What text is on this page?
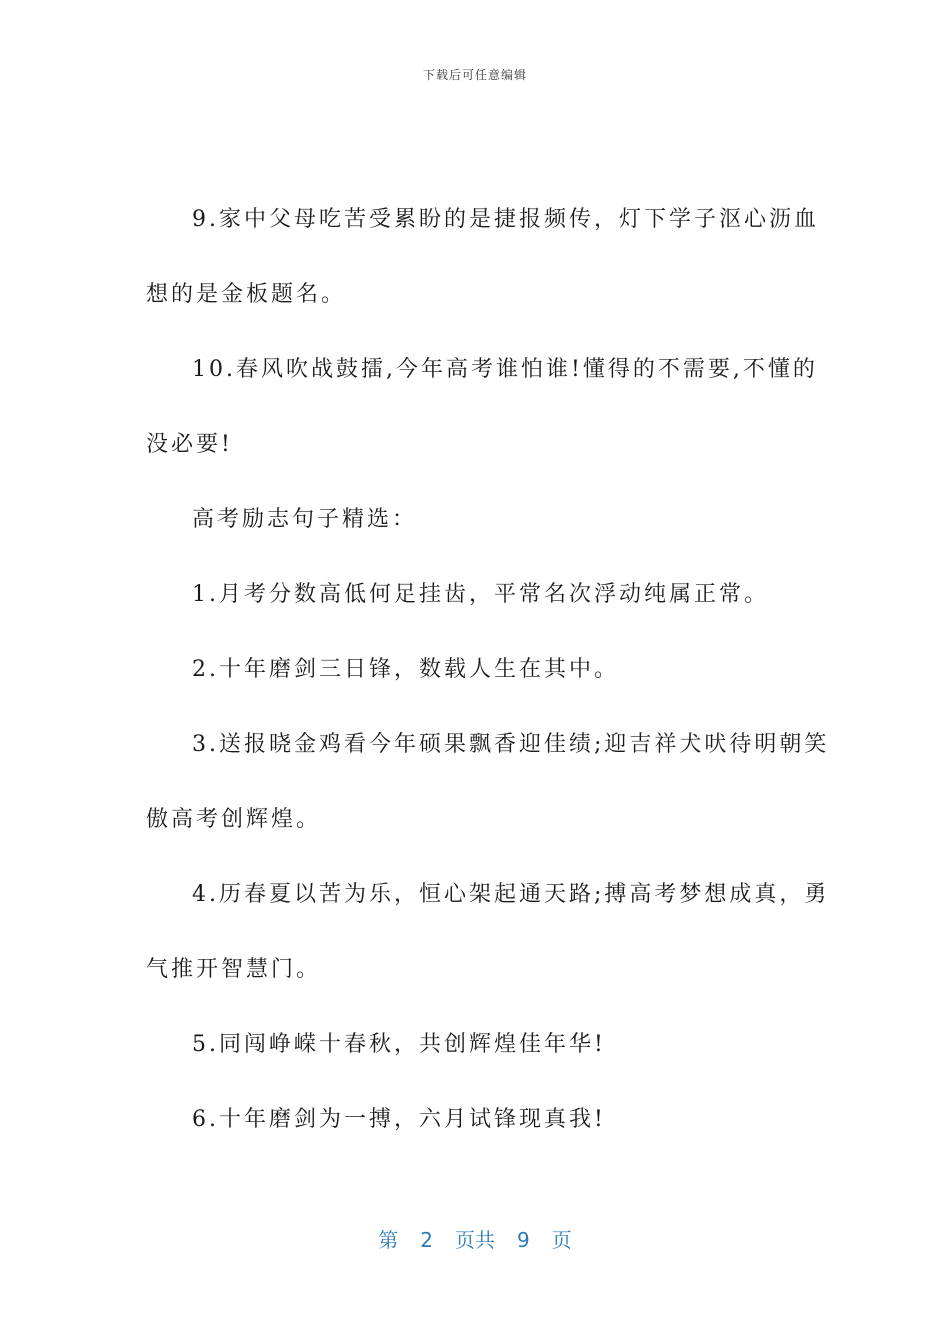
下载后可任意编辑
9.家中父母吃苦受累盼的是捷报频传，灯下学子沤心沥血
想的是金板题名。
10.春风吹战鼓擂,今年高考谁怕谁!懂得的不需要,不懂的
没必要!
高考励志句子精选：
1.月考分数高低何足挂齿，平常名次浮动纯属正常。
2.十年磨剑三日锋，数载人生在其中。
3.送报晓金鸡看今年硕果飘香迎佳绩;迎吉祥犬吠待明朝笑
傲高考创辉煌。
4.历春夏以苦为乐，恒心架起通天路;搏高考梦想成真，勇
气推开智慧门。
5.同闯峥嵘十春秋，共创辉煌佳年华!
6.十年磨剑为一搏，六月试锋现真我!
第 2 页共 9 页
